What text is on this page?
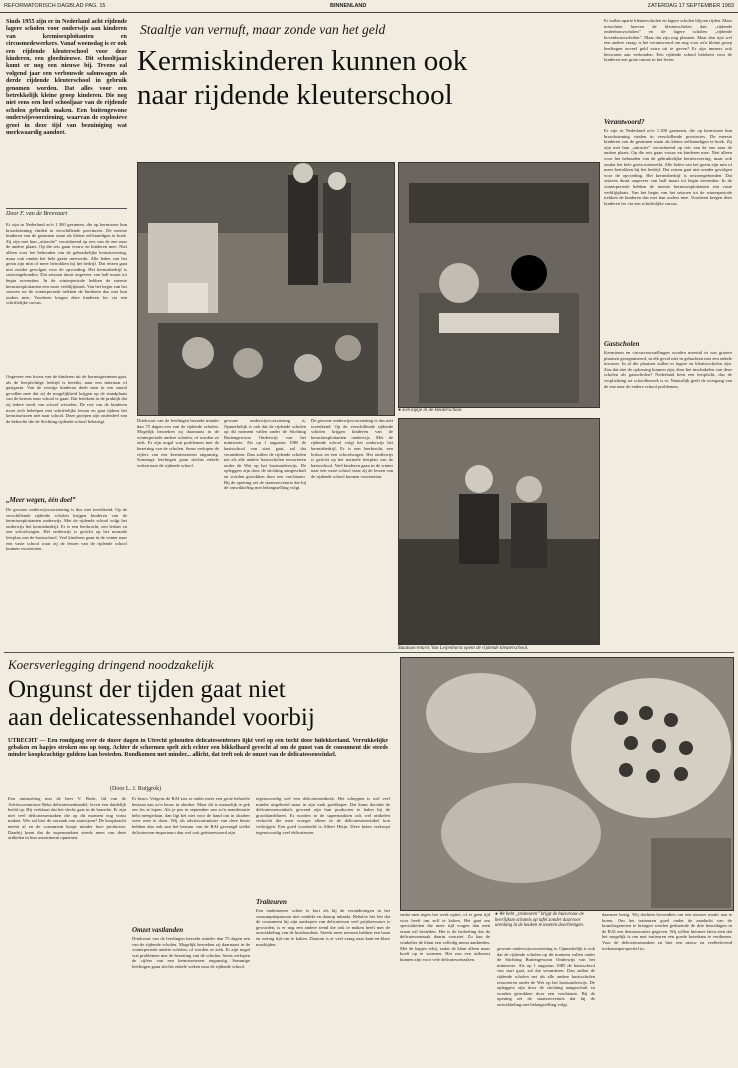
REFORMATORISCH DAGBLAD PAG. 15	BINNENLAND	ZATERDAG 17 SEPTEMBER 1983
Sinds 1955 zijn er in Nederland acht rijdende lagere scholen voor onderwijs aan kinderen van kermisexploitanten en circusmedewerkers. Vanaf woensdag is er ook een rijdende kleuterschool voor deze kinderen, een gloednieuwe. Dit schooltjaar komt er nog een nieuwe bij. Tevens zal volgend jaar een verbouwde salonwagen als derde rijdende kleuterschool in gebruik genomen worden. Dat alles voor een betrekkelijk kleine groep kinderen. Die nog niet eens een heel schooljaar van de rijdende scholen gebruik maken. Een buitengewone onderwijsvoorziening, waarvan de explosieve groei in deze tijd van bezuiniging wat merkwaardig aandoet.
Door F. van de Breevaart
Staaltje van vernuft, maar zonde van het geld
Kermiskinderen kunnen ook
naar rijdende kleuterschool
Er zijn in Nederland zo'n 1.300 gezinnen, die op kermissen hun broodwinning vinden in verschillende provincies. De meeste kinderen van de gezinnen staan als kleine zelfstandigen te boek. Zij zijn met hun „attractie” voortdurend op reis van de ene naar de andere plaats. Op die reis gaan vrouw en kinderen mee. Niet alleen voor het behouden van de gebruikelijke kermisvoering, maar ook omdat het hele gezin meewerkt. Alle leden van het gezin zijn min of meer betrokken bij het bedrijf. Dat reizen gaat niet zonder gevolgen voor de opvoeding. Het kermisbedrijf is seizoengebonden. Dat seizoen duurt ongeveer van half maart tot begin november. In de winterperiode hebben de meeste kermisexploitanten een vaste verblijfplaats. Van het begin van het seizoen tot de winterperiode trekken de kinderen dus met hun ouders mee. Voorheen kregen deze kinderen les via een schriftelijke cursus.
Ongeveer een kwart van de kinderen uit de kermisgezinnen gaat, als de leerplichtige leeftijd is bereikt, naar een internaat of gastgezin. Van de overige kinderen deelt men in een aantal gevallen mee dat zij de mogelijkheid krijgen op de standplaats van de kermis naar school te gaan. Dat betekent in de praktijk dat zij iedere week van school wisselen. De rest van de kinderen moet zich behelpen met schriftelijke lessen en gaat tijdens het kermisseizoen niet naar school. Deze groepen zijn onderdeel van de behoefte die de Stichting rijdende school behartigt.
„Meer wegen, één doel”
De gewone onderwijsvoorziening is dus niet toereikend. Op de verschillende rijdende scholen krijgen kinderen van de kermisexploitanten onderwijs. Met de rijdende school volgt het onderwijs het kermisbedrijf. Er is een leerkracht, een lesbus en een schoolwagen. Het onderwijs is gericht op het normale leerplan van de basisschool. Veel kinderen gaan in de winter naar een vaste school waar zij de lessen van de rijdende school kunnen voortzetten.
Driekwart van de leerlingen bezoekt minder dan 75 dagen een van de rijdende scholen. Mogelijk bezoeken zij daarnaast in de winterperiode andere scholen, of worden ze ziek. Er zijn nogal wat problemen met de bezetting van de scholen. Soms verlopen de cijfers van een kermisseizoen ongunstig. Sommige leerlingen gaan slechts enkele weken naar de rijdende school.
gewone onderwijsvoorziening is. Opmerkelijk is ook dat de rijdende scholen op dit moment vallen onder de Stichting Buitengewoon Onderwijs van het ministerie. Als op 1 augustus 1985 de basisschool van start gaat, zal dat veranderen. Dan zullen de rijdende scholen net als alle andere basisscholen ressorteren onder de Wet op het basisonderwijs. De opleggers zijn door de stichting aangeschaft en worden getrokken door een vrachtauto. Bij de opening zei de staatssecretaris dat hij de ontwikkeling met belangstelling volgt.
De gewone onderwijsvoorziening is dus niet toereikend. Op de verschillende rijdende scholen krijgen kinderen van de kermisexploitanten onderwijs. Met de rijdende school volgt het onderwijs het kermisbedrijf. Er is een leerkracht, een lesbus en een schoolwagen. Het onderwijs is gericht op het normale leerplan van de basisschool. Veel kinderen gaan in de winter naar een vaste school waar zij de lessen van de rijdende school kunnen voortzetten.
● Een kijkje in de kleuterschool.
Staatssecretaris Van Leijenhorst opent de rijdende kleuterschool.
Er zullen aparte kleuterscholen en lagere scholen blijven rijden. Maar misschien hoeven de kleuterscholen dan „rijdende onderbouwscholen” en de lagere scholen „rijdende bovenbouwscholen”. Maar dat zijn nog plannen. Maar dan rijst wel een andere vraag: is het verantwoord om nog voor zo'n kleine groep leerlingen zoveel geld extra uit te geven? Er zijn immers ook bezwaren aan verbonden. Een rijdende school betekent voor de kinderen een grote onrust in het leven.
Verantwoord?
Er zijn in Nederland zo'n 1.300 gezinnen, die op kermissen hun broodwinning vinden in verschillende provincies. De meeste kinderen van de gezinnen staan als kleine zelfstandigen te boek. Zij zijn met hun „attractie” voortdurend op reis van de ene naar de andere plaats. Op die reis gaan vrouw en kinderen mee. Niet alleen voor het behouden van de gebruikelijke kermisvoering, maar ook omdat het hele gezin meewerkt. Alle leden van het gezin zijn min of meer betrokken bij het bedrijf. Dat reizen gaat niet zonder gevolgen voor de opvoeding. Het kermisbedrijf is seizoengebonden. Dat seizoen duurt ongeveer van half maart tot begin november. In de winterperiode hebben de meeste kermisexploitanten een vaste verblijfplaats. Van het begin van het seizoen tot de winterperiode trekken de kinderen dus met hun ouders mee. Voorheen kregen deze kinderen les via een schriftelijke cursus.
Gastscholen
Kermissen en circusvoorstellingen worden meestal in wat grotere plaatsen georganiseerd, in elk geval niet in gehuchten met een enkele inwoner. In al die plaatsen zullen er lagere en kleuterscholen zijn. Zou dat niet de oplossing kunnen zijn, door het inschakelen van deze scholen als gastscholen? Nederland kent een leerplicht, dus de verplichting tot schoolbezoek is er. Natuurlijk geeft de overgang van de ene naar de andere school problemen.
Koersverlegging dringend noodzakelijk
Ongunst der tijden gaat niet
aan delicatessenhandel voorbij
UTRECHT — Een rondgang over de dozer dagen in Utrecht gehouden delicatessenbeurs lijkt veel op een tocht door luilekkerland. Verrukkelijke gebaken en hapjes stroken ons op tong. Achter de schermen spelt zich echter een bikkelhard gevecht af om de gunst van de consument die steeds minder koopkrachtige guldens kan besteden. Rondkomen met minder... allicht, dat treft ook de omzet van de delicatessenwinkel.
(Door L. J. Ruijgrok)
● We hebt „traiteuren” krijgt de huisvrouw de heerlijkste schotels op tafel zonder daarvoor urenlang in de keuken te moeten doorbrengen.
Een ontmoeting met de heer V. Bode, lid van de Adviescommissie Reka delicatessenhandel, levert een duidelijk beeld op. Hij verklaart dat het slecht gaat in de branche. Er zijn niet veel delicatessenzaken die op dit moment nog winst maken. Wie zal hier de oorzaak van aanwijzen? De koopkracht neemt af en de consument koopt minder luxe producten. Daarbij komt dat de supermarkten steeds meer van deze artikelen in hun assortiment opnemen.
Er beurs. Volgens de RAI zou er onder meer een grote behoefte bestaan aan zo'n beurs in oktober. Maar dit is natuurlijk te gek om los te lopen. Als je pas in september aan zo'n manifestatie hebt meegedaan, dan ligt het niet voor de hand om in oktober weer mee te doen. Wij als adviescommissie van deze beurs hebben dan ook aan het bestuur van de RAI gevraagd welke delicatessen-importeurs dan wel ooit geïnteresseerd zijn.
Omzet vastlanden
Driekwart van de leerlingen bezoekt minder dan 75 dagen een van de rijdende scholen. Mogelijk bezoeken zij daarnaast in de winterperiode andere scholen, of worden ze ziek. Er zijn nogal wat problemen met de bezetting van de scholen. Soms verlopen de cijfers van een kermisseizoen ongunstig. Sommige leerlingen gaan slechts enkele weken naar de rijdende school.
tegenwoordig wel een delicatessenboek. Het scheppen is wel veel minder uitgebreid maar in zijn vaak goedkoper. Dat komt doordat de delicatessenwinkels gewend zijn hun producten te halen bij de groothandelaren. Er worden in de supermarkten ook wel artikelen verkocht die men vroeger alleen in de delicatessenwinkel kon verkrijgen. Een goed voorbeeld is Albert Heijn. Deze keten verkoopt tegenwoordig veel delicatessen.
Traiteuren
Een ondernemer schiet te kort als hij de veranderingen in het consumptiepatroon niet ontdekt en daarop inhaakt. Behalve het feit dat de consument bij zijn aankopen van delicatessen veel prijsbewuster is geworden, is er nog een andere trend die ook te maken heeft met de ontwikkeling van de huishoudens. Steeds meer mensen hebben een baan en weinig tijd om te koken. Daarom is er veel vraag naar kant-en-klare maaltijden.
endat men tegen het werk optiet, of er geen tijd voor heeft om zelf te koken. Het gaat om specialiteiten die meer tijd vragen dan men eraan wil besteden. Het is de bedoeling dat de delicatessenzaak daarin voorziet. Zo kan de winkelier de klant een volledig menu aanbieden. Met de hapjes erbij, zodat de klant alleen maar hoeft op te warmen. Het zou een uitkomst kunnen zijn voor vele delicatessenzaken.
gewone onderwijsvoorziening is. Opmerkelijk is ook dat de rijdende scholen op dit moment vallen onder de Stichting Buitengewoon Onderwijs van het ministerie. Als op 1 augustus 1985 de basisschool van start gaat, zal dat veranderen. Dan zullen de rijdende scholen net als alle andere basisscholen ressorteren onder de Wet op het basisonderwijs. De opleggers zijn door de stichting aangeschaft en worden getrokken door een vrachtauto. Bij de opening zei de staatssecretaris dat hij de ontwikkeling met belangstelling volgt.
daarmee bezig. Wij dachten bovendien om een nieuwe markt aan te boren. Om het traiteuren goed onder de aandacht van de branchegenoten te brengen werden gedurende de drie beursdagen in de RAI een demonstraties gegeven. Wij willen hiermee laten zien dat het mogelijk is om met traiteuren een goede boterham te verdienen. Voor de delicatessenzaken zit hier een nieuw en veelbelovend toekomstperspectief in.
